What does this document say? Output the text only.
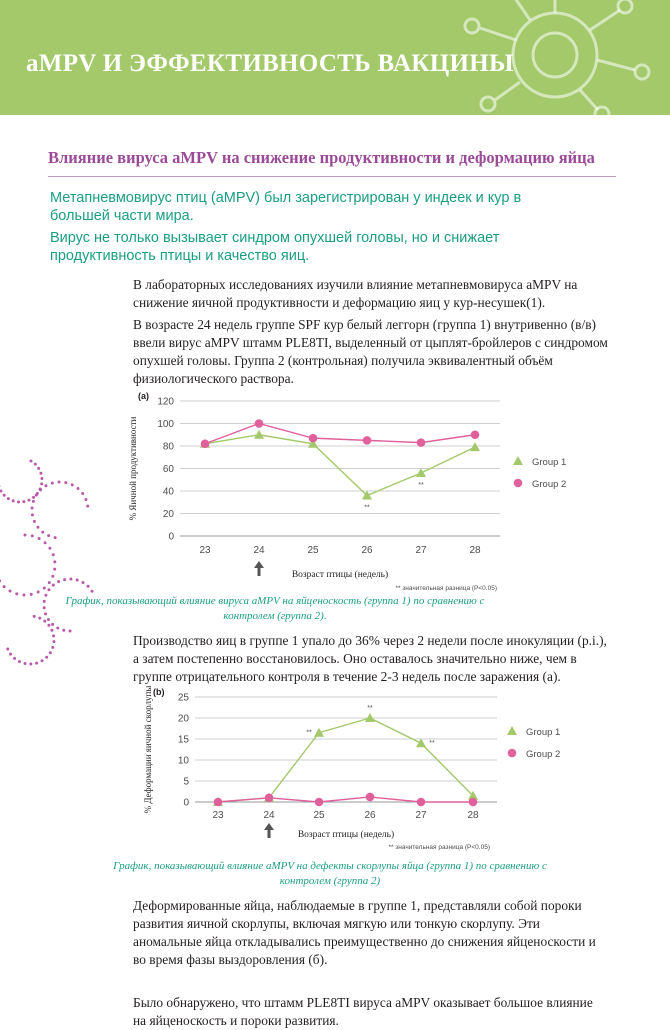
aMPV И ЭФФЕКТИВНОСТЬ ВАКЦИНЫ
Влияние вируса aMPV на снижение продуктивности и деформацию яйца
Метапневмовирус птиц (aMPV) был зарегистрирован у индеек и кур в большей части мира.
Вирус не только вызывает синдром опухшей головы, но и снижает продуктивность птицы и качество яиц.
В лабораторных исследованиях изучили влияние метапневмовируса aMPV на снижение яичной продуктивности и деформацию яиц у кур-несушек(1).
В возрасте 24 недель группе SPF кур белый леггорн (группа 1) внутривенно (в/в) ввели вирус aMPV штамм PLE8TI, выделенный от цыплят-бройлеров с синдромом опухшей головы. Группа 2 (контрольная) получила эквивалентный объём физиологического раствора.
(a)
0
20
40
60
80
100
120
23	24	25	26	27	28
Возраст птицы (недель)
% Яичной продуктивности	**
**
Group 1
Group 2
** значительная разница (P<0.05)
График, показывающий влияние вируса aMPV на яйценоскость (группа 1) по сравнению с контролем (группа 2).
Производство яиц в группе 1 упало до 36% через 2 недели после инокуляции (p.i.), а затем постепенно восстановилось. Оно оставалось значительно ниже, чем в группе отрицательного контроля в течение 2-3 недель после заражения (a).
(b)
0
5
10
15
20
25
23	24	25	26	27	28
Возраст птицы (недель)
% Деформации яичной скорлупы	**
**
**
Group 1
Group 2
** значительная разница (P<0.05)
График, показывающий влияние aMPV на дефекты скорлупы яйца (группа 1) по сравнению с контролем (группа 2)
Деформированные яйца, наблюдаемые в группе 1, представляли собой пороки развития яичной скорлупы, включая мягкую или тонкую скорлупу. Эти аномальные яйца откладывались преимущественно до снижения яйценоскости и во время фазы выздоровления (б).
Было обнаружено, что штамм PLE8TI вируса aMPV оказывает большое влияние на яйценоскость и пороки развития.
